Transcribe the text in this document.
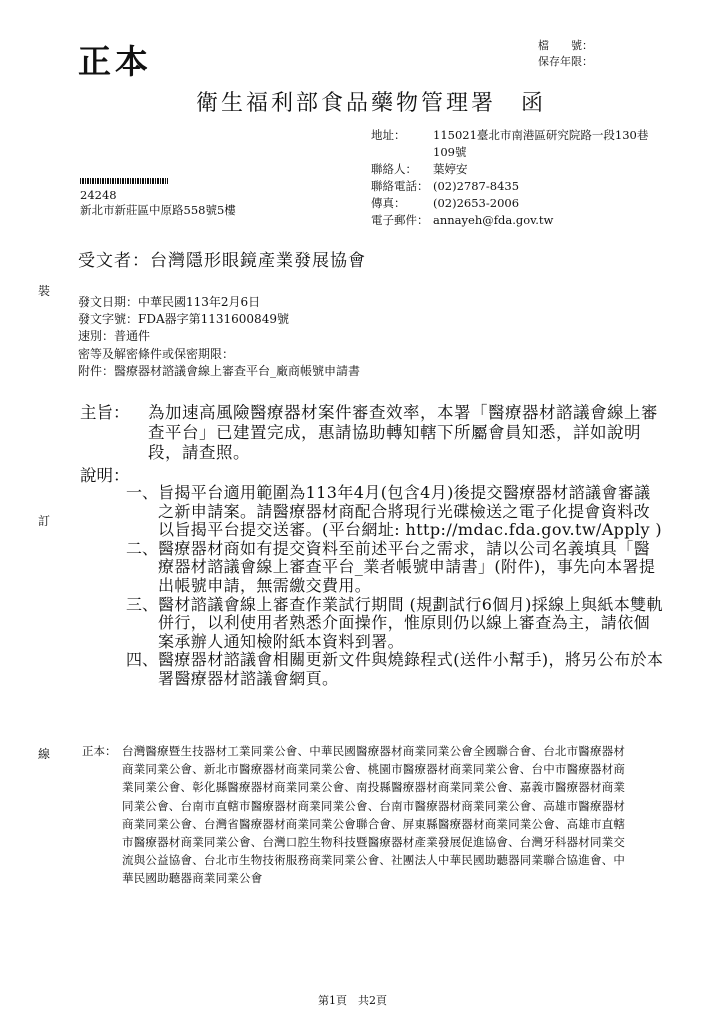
正本	檔　　號：
保存年限：
衛生福利部食品藥物管理署　函
地址： 115021臺北市南港區研究院路一段130巷
109號
聯絡人： 葉婷安
聯絡電話： (02)2787-8435
傳真： (02)2653-2006
電子郵件： annayeh@fda.gov.tw
24248
新北市新莊區中原路558號5樓
受文者：台灣隱形眼鏡產業發展協會
發文日期：中華民國113年2月6日
發文字號：FDA器字第1131600849號
速別：普通件
密等及解密條件或保密期限：
附件：醫療器材諮議會線上審查平台_廠商帳號申請書
主旨： 為加速高風險醫療器材案件審查效率，本署「醫療器材諮議會線上審查平台」已建置完成，惠請協助轉知轄下所屬會員知悉，詳如說明段，請查照。
說明：
一、 旨揭平台適用範圍為113年4月(包含4月)後提交醫療器材諮議會審議之新申請案。請醫療器材商配合將現行光碟檢送之電子化提會資料改以旨揭平台提交送審。(平台網址: http://mdac.fda.gov.tw/Apply )
二、 醫療器材商如有提交資料至前述平台之需求，請以公司名義填具「醫療器材諮議會線上審查平台_業者帳號申請書」(附件)，事先向本署提出帳號申請，無需繳交費用。
三、 醫材諮議會線上審查作業試行期間 (規劃試行6個月)採線上與紙本雙軌併行，以利使用者熟悉介面操作，惟原則仍以線上審查為主，請依個案承辦人通知檢附紙本資料到署。
四、 醫療器材諮議會相關更新文件與燒錄程式(送件小幫手)，將另公布於本署醫療器材諮議會網頁。
正本： 台灣醫療暨生技器材工業同業公會、中華民國醫療器材商業同業公會全國聯合會、台北市醫療器材商業同業公會、新北市醫療器材商業同業公會、桃園市醫療器材商業同業公會、台中市醫療器材商業同業公會、彰化縣醫療器材商業同業公會、南投縣醫療器材商業同業公會、嘉義市醫療器材商業同業公會、台南市直轄市醫療器材商業同業公會、台南市醫療器材商業同業公會、高雄市醫療器材商業同業公會、台灣省醫療器材商業同業公會聯合會、屏東縣醫療器材商業同業公會、高雄市直轄市醫療器材商業同業公會、台灣口腔生物科技暨醫療器材產業發展促進協會、台灣牙科器材同業交流與公益協會、台北市生物技術服務商業同業公會、社團法人中華民國助聽器同業聯合協進會、中華民國助聽器商業同業公會
裝
訂
線
第1頁　共2頁
